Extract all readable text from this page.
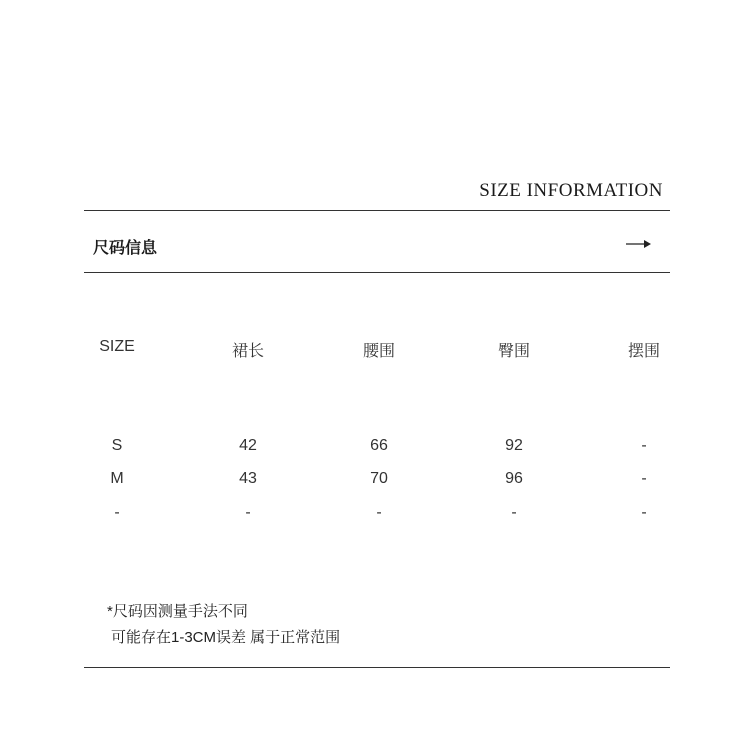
SIZE INFORMATION
尺码信息
SIZE	裙长	腰围	臀围	摆围
S	42	66	92	-
M	43	70	96	-
-	-	-	-	-
*尺码因测量手法不同
可能存在1-3CM误差 属于正常范围
